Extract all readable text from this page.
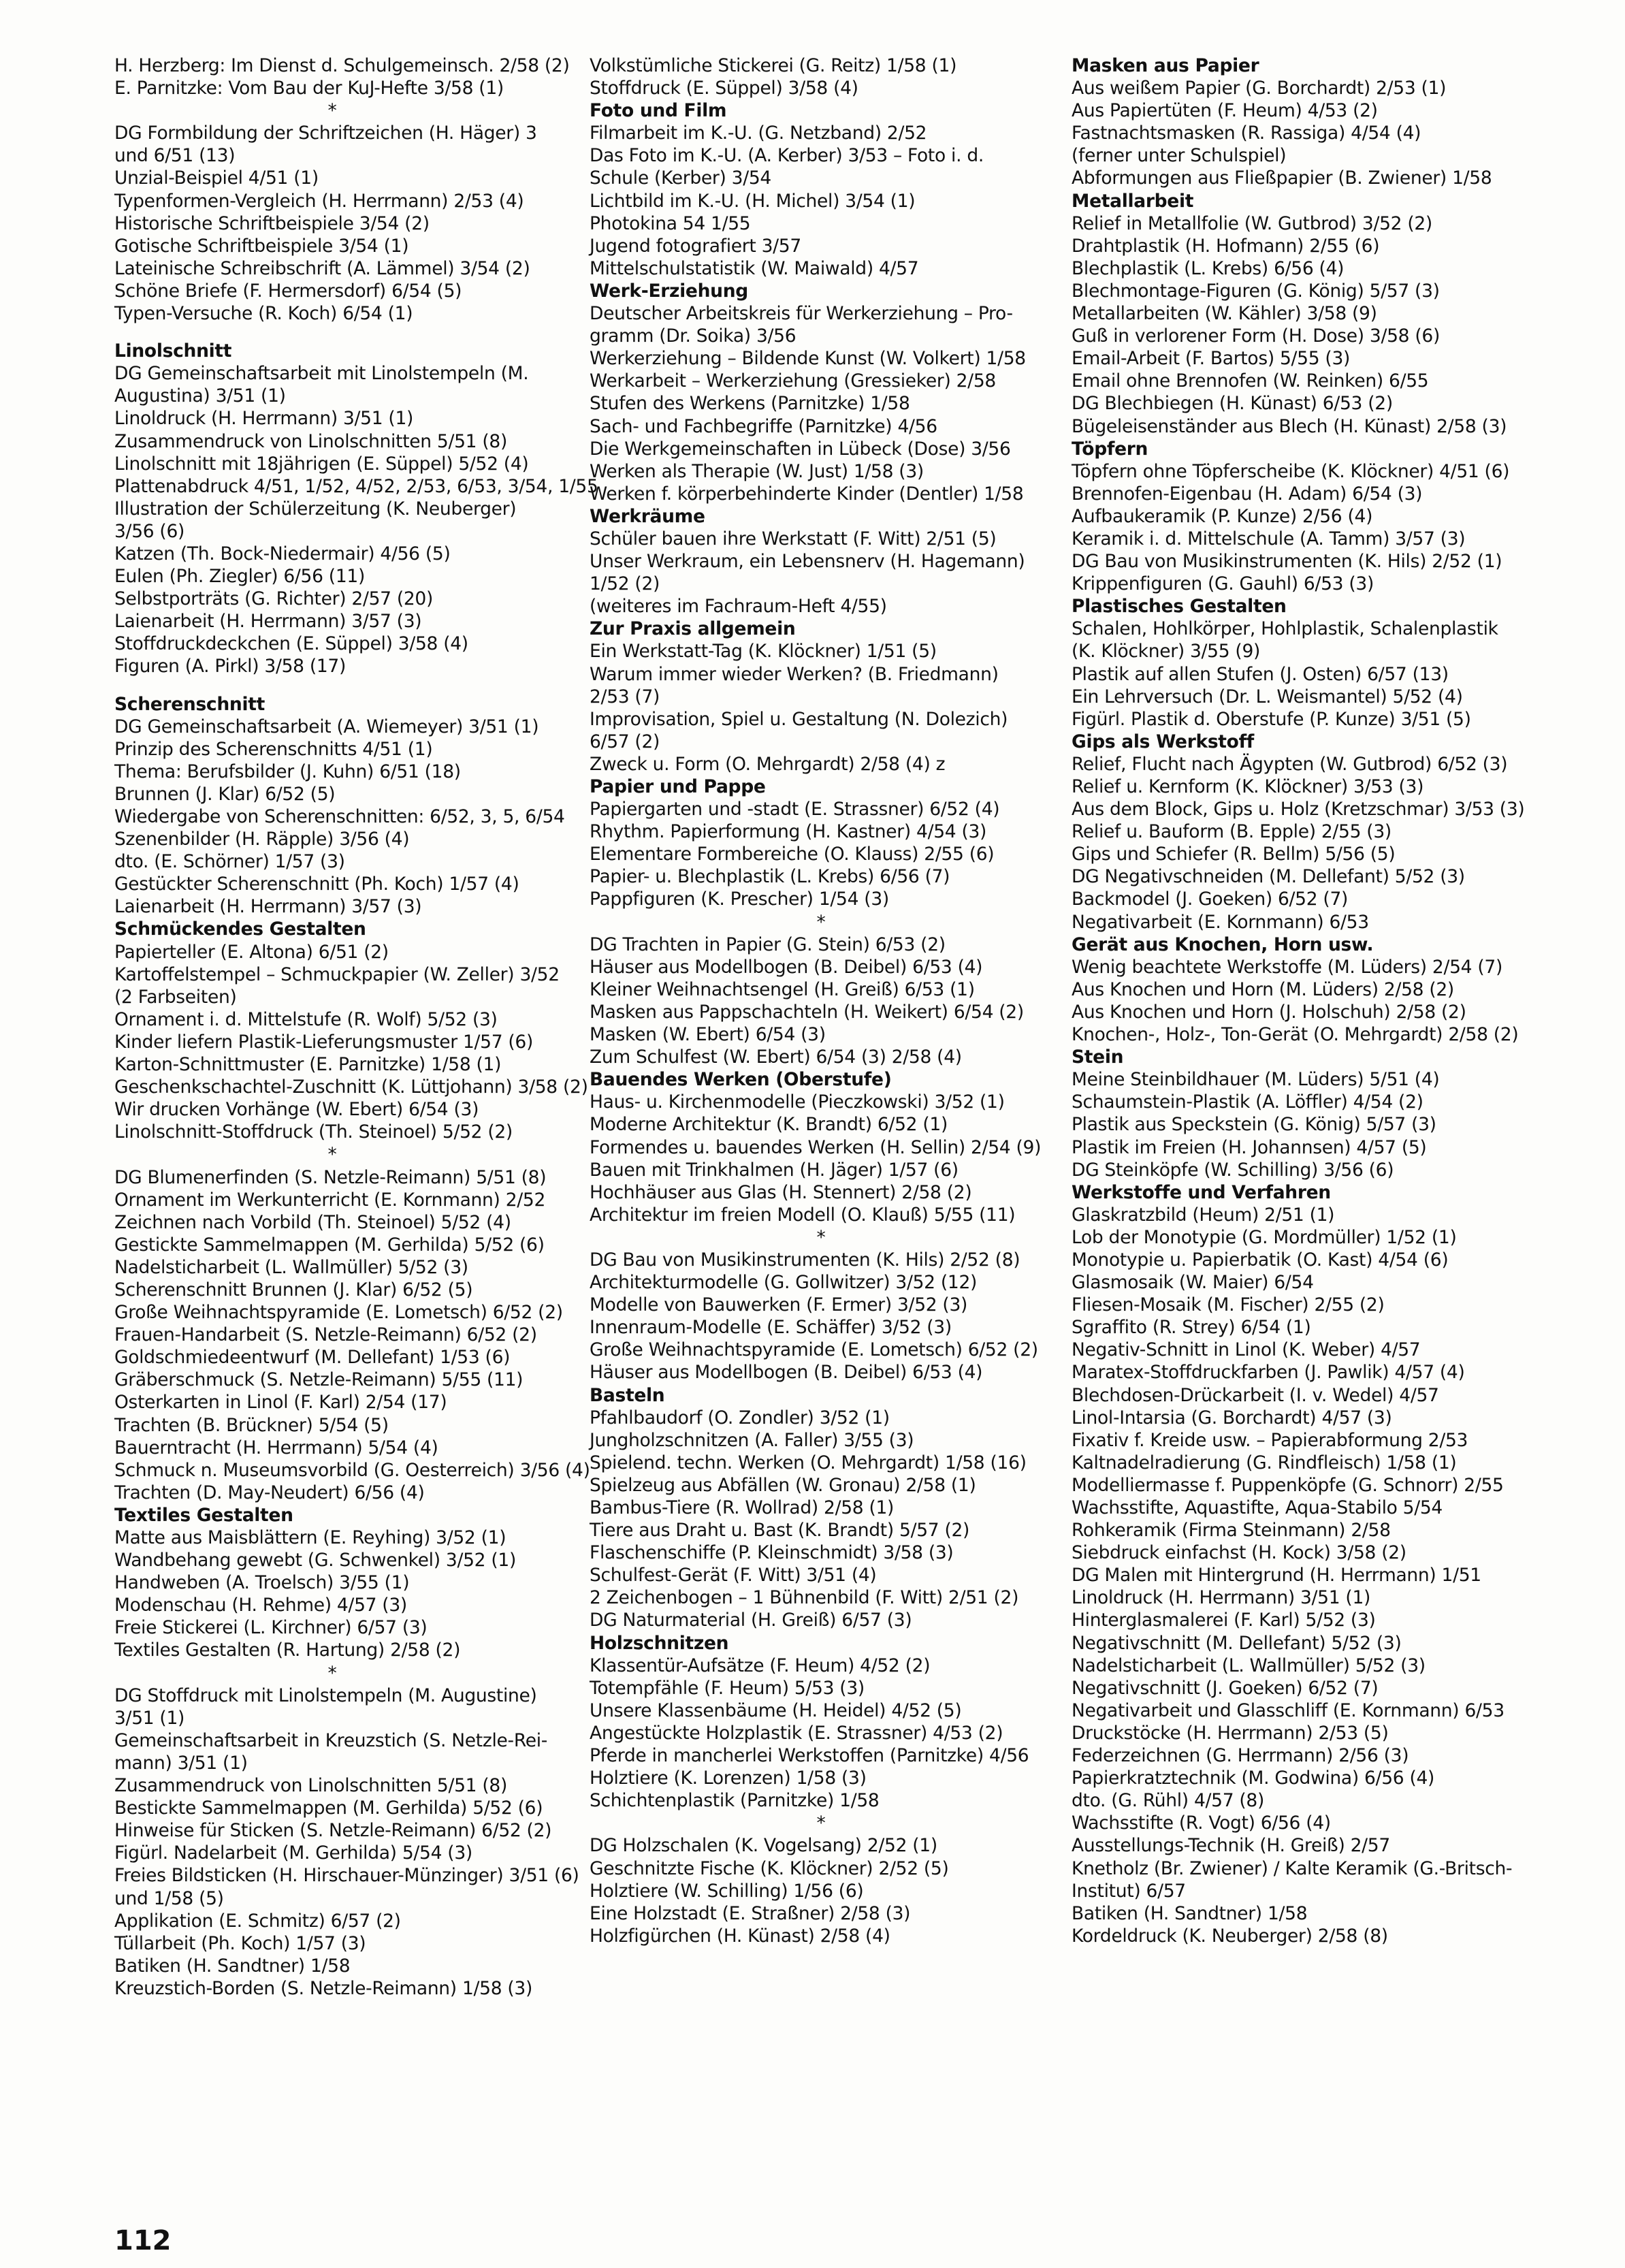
H. Herzberg: Im Dienst d. Schulgemeinsch. 2/58 (2)
E. Parnitzke: Vom Bau der KuJ-Hefte 3/58 (1)
*
DG Formbildung der Schriftzeichen (H. Häger) 3
und 6/51 (13)
Unzial-Beispiel 4/51 (1)
Typenformen-Vergleich (H. Herrmann) 2/53 (4)
Historische Schriftbeispiele 3/54 (2)
Gotische Schriftbeispiele 3/54 (1)
Lateinische Schreibschrift (A. Lämmel) 3/54 (2)
Schöne Briefe (F. Hermersdorf) 6/54 (5)
Typen-Versuche (R. Koch) 6/54 (1)
Linolschnitt
DG Gemeinschaftsarbeit mit Linolstempeln (M.
Augustina) 3/51 (1)
Linoldruck (H. Herrmann) 3/51 (1)
Zusammendruck von Linolschnitten 5/51 (8)
Linolschnitt mit 18jährigen (E. Süppel) 5/52 (4)
Plattenabdruck 4/51, 1/52, 4/52, 2/53, 6/53, 3/54, 1/55
Illustration der Schülerzeitung (K. Neuberger)
3/56 (6)
Katzen (Th. Bock-Niedermair) 4/56 (5)
Eulen (Ph. Ziegler) 6/56 (11)
Selbstporträts (G. Richter) 2/57 (20)
Laienarbeit (H. Herrmann) 3/57 (3)
Stoffdruckdeckchen (E. Süppel) 3/58 (4)
Figuren (A. Pirkl) 3/58 (17)
Scherenschnitt
DG Gemeinschaftsarbeit (A. Wiemeyer) 3/51 (1)
Prinzip des Scherenschnitts 4/51 (1)
Thema: Berufsbilder (J. Kuhn) 6/51 (18)
Brunnen (J. Klar) 6/52 (5)
Wiedergabe von Scherenschnitten: 6/52, 3, 5, 6/54
Szenenbilder (H. Räpple) 3/56 (4)
dto. (E. Schörner) 1/57 (3)
Gestückter Scherenschnitt (Ph. Koch) 1/57 (4)
Laienarbeit (H. Herrmann) 3/57 (3)
Schmückendes Gestalten
Papierteller (E. Altona) 6/51 (2)
Kartoffelstempel – Schmuckpapier (W. Zeller) 3/52
(2 Farbseiten)
Ornament i. d. Mittelstufe (R. Wolf) 5/52 (3)
Kinder liefern Plastik-Lieferungsmuster 1/57 (6)
Karton-Schnittmuster (E. Parnitzke) 1/58 (1)
Geschenkschachtel-Zuschnitt (K. Lüttjohann) 3/58 (2)
Wir drucken Vorhänge (W. Ebert) 6/54 (3)
Linolschnitt-Stoffdruck (Th. Steinoel) 5/52 (2)
*
DG Blumenerfinden (S. Netzle-Reimann) 5/51 (8)
Ornament im Werkunterricht (E. Kornmann) 2/52
Zeichnen nach Vorbild (Th. Steinoel) 5/52 (4)
Gestickte Sammelmappen (M. Gerhilda) 5/52 (6)
Nadelsticharbeit (L. Wallmüller) 5/52 (3)
Scherenschnitt Brunnen (J. Klar) 6/52 (5)
Große Weihnachtspyramide (E. Lometsch) 6/52 (2)
Frauen-Handarbeit (S. Netzle-Reimann) 6/52 (2)
Goldschmiedeentwurf (M. Dellefant) 1/53 (6)
Gräberschmuck (S. Netzle-Reimann) 5/55 (11)
Osterkarten in Linol (F. Karl) 2/54 (17)
Trachten (B. Brückner) 5/54 (5)
Bauerntracht (H. Herrmann) 5/54 (4)
Schmuck n. Museumsvorbild (G. Oesterreich) 3/56 (4)
Trachten (D. May-Neudert) 6/56 (4)
Textiles Gestalten
Matte aus Maisblättern (E. Reyhing) 3/52 (1)
Wandbehang gewebt (G. Schwenkel) 3/52 (1)
Handweben (A. Troelsch) 3/55 (1)
Modenschau (H. Rehme) 4/57 (3)
Freie Stickerei (L. Kirchner) 6/57 (3)
Textiles Gestalten (R. Hartung) 2/58 (2)
*
DG Stoffdruck mit Linolstempeln (M. Augustine)
3/51 (1)
Gemeinschaftsarbeit in Kreuzstich (S. Netzle-Rei-
mann) 3/51 (1)
Zusammendruck von Linolschnitten 5/51 (8)
Bestickte Sammelmappen (M. Gerhilda) 5/52 (6)
Hinweise für Sticken (S. Netzle-Reimann) 6/52 (2)
Figürl. Nadelarbeit (M. Gerhilda) 5/54 (3)
Freies Bildsticken (H. Hirschauer-Münzinger) 3/51 (6)
und 1/58 (5)
Applikation (E. Schmitz) 6/57 (2)
Tüllarbeit (Ph. Koch) 1/57 (3)
Batiken (H. Sandtner) 1/58
Kreuzstich-Borden (S. Netzle-Reimann) 1/58 (3)
Volkstümliche Stickerei (G. Reitz) 1/58 (1)
Stoffdruck (E. Süppel) 3/58 (4)
Foto und Film
Filmarbeit im K.-U. (G. Netzband) 2/52
Das Foto im K.-U. (A. Kerber) 3/53 – Foto i. d.
Schule (Kerber) 3/54
Lichtbild im K.-U. (H. Michel) 3/54 (1)
Photokina 54 1/55
Jugend fotografiert 3/57
Mittelschulstatistik (W. Maiwald) 4/57
Werk-Erziehung
Deutscher Arbeitskreis für Werkerziehung – Pro-
gramm (Dr. Soika) 3/56
Werkerziehung – Bildende Kunst (W. Volkert) 1/58
Werkarbeit – Werkerziehung (Gressieker) 2/58
Stufen des Werkens (Parnitzke) 1/58
Sach- und Fachbegriffe (Parnitzke) 4/56
Die Werkgemeinschaften in Lübeck (Dose) 3/56
Werken als Therapie (W. Just) 1/58 (3)
Werken f. körperbehinderte Kinder (Dentler) 1/58
Werkräume
Schüler bauen ihre Werkstatt (F. Witt) 2/51 (5)
Unser Werkraum, ein Lebensnerv (H. Hagemann)
1/52 (2)
(weiteres im Fachraum-Heft 4/55)
Zur Praxis allgemein
Ein Werkstatt-Tag (K. Klöckner) 1/51 (5)
Warum immer wieder Werken? (B. Friedmann)
2/53 (7)
Improvisation, Spiel u. Gestaltung (N. Dolezich)
6/57 (2)
Zweck u. Form (O. Mehrgardt) 2/58 (4) z
Papier und Pappe
Papiergarten und -stadt (E. Strassner) 6/52 (4)
Rhythm. Papierformung (H. Kastner) 4/54 (3)
Elementare Formbereiche (O. Klauss) 2/55 (6)
Papier- u. Blechplastik (L. Krebs) 6/56 (7)
Pappfiguren (K. Prescher) 1/54 (3)
*
DG Trachten in Papier (G. Stein) 6/53 (2)
Häuser aus Modellbogen (B. Deibel) 6/53 (4)
Kleiner Weihnachtsengel (H. Greiß) 6/53 (1)
Masken aus Pappschachteln (H. Weikert) 6/54 (2)
Masken (W. Ebert) 6/54 (3)
Zum Schulfest (W. Ebert) 6/54 (3) 2/58 (4)
Bauendes Werken (Oberstufe)
Haus- u. Kirchenmodelle (Pieczkowski) 3/52 (1)
Moderne Architektur (K. Brandt) 6/52 (1)
Formendes u. bauendes Werken (H. Sellin) 2/54 (9)
Bauen mit Trinkhalmen (H. Jäger) 1/57 (6)
Hochhäuser aus Glas (H. Stennert) 2/58 (2)
Architektur im freien Modell (O. Klauß) 5/55 (11)
*
DG Bau von Musikinstrumenten (K. Hils) 2/52 (8)
Architekturmodelle (G. Gollwitzer) 3/52 (12)
Modelle von Bauwerken (F. Ermer) 3/52 (3)
Innenraum-Modelle (E. Schäffer) 3/52 (3)
Große Weihnachtspyramide (E. Lometsch) 6/52 (2)
Häuser aus Modellbogen (B. Deibel) 6/53 (4)
Basteln
Pfahlbaudorf (O. Zondler) 3/52 (1)
Jungholzschnitzen (A. Faller) 3/55 (3)
Spielend. techn. Werken (O. Mehrgardt) 1/58 (16)
Spielzeug aus Abfällen (W. Gronau) 2/58 (1)
Bambus-Tiere (R. Wollrad) 2/58 (1)
Tiere aus Draht u. Bast (K. Brandt) 5/57 (2)
Flaschenschiffe (P. Kleinschmidt) 3/58 (3)
Schulfest-Gerät (F. Witt) 3/51 (4)
2 Zeichenbogen – 1 Bühnenbild (F. Witt) 2/51 (2)
DG Naturmaterial (H. Greiß) 6/57 (3)
Holzschnitzen
Klassentür-Aufsätze (F. Heum) 4/52 (2)
Totempfähle (F. Heum) 5/53 (3)
Unsere Klassenbäume (H. Heidel) 4/52 (5)
Angestückte Holzplastik (E. Strassner) 4/53 (2)
Pferde in mancherlei Werkstoffen (Parnitzke) 4/56
Holztiere (K. Lorenzen) 1/58 (3)
Schichtenplastik (Parnitzke) 1/58
*
DG Holzschalen (K. Vogelsang) 2/52 (1)
Geschnitzte Fische (K. Klöckner) 2/52 (5)
Holztiere (W. Schilling) 1/56 (6)
Eine Holzstadt (E. Straßner) 2/58 (3)
Holzfigürchen (H. Künast) 2/58 (4)
Masken aus Papier
Aus weißem Papier (G. Borchardt) 2/53 (1)
Aus Papiertüten (F. Heum) 4/53 (2)
Fastnachtsmasken (R. Rassiga) 4/54 (4)
(ferner unter Schulspiel)
Abformungen aus Fließpapier (B. Zwiener) 1/58
Metallarbeit
Relief in Metallfolie (W. Gutbrod) 3/52 (2)
Drahtplastik (H. Hofmann) 2/55 (6)
Blechplastik (L. Krebs) 6/56 (4)
Blechmontage-Figuren (G. König) 5/57 (3)
Metallarbeiten (W. Kähler) 3/58 (9)
Guß in verlorener Form (H. Dose) 3/58 (6)
Email-Arbeit (F. Bartos) 5/55 (3)
Email ohne Brennofen (W. Reinken) 6/55
DG Blechbiegen (H. Künast) 6/53 (2)
Bügeleisenständer aus Blech (H. Künast) 2/58 (3)
Töpfern
Töpfern ohne Töpferscheibe (K. Klöckner) 4/51 (6)
Brennofen-Eigenbau (H. Adam) 6/54 (3)
Aufbaukeramik (P. Kunze) 2/56 (4)
Keramik i. d. Mittelschule (A. Tamm) 3/57 (3)
DG Bau von Musikinstrumenten (K. Hils) 2/52 (1)
Krippenfiguren (G. Gauhl) 6/53 (3)
Plastisches Gestalten
Schalen, Hohlkörper, Hohlplastik, Schalenplastik
(K. Klöckner) 3/55 (9)
Plastik auf allen Stufen (J. Osten) 6/57 (13)
Ein Lehrversuch (Dr. L. Weismantel) 5/52 (4)
Figürl. Plastik d. Oberstufe (P. Kunze) 3/51 (5)
Gips als Werkstoff
Relief, Flucht nach Ägypten (W. Gutbrod) 6/52 (3)
Relief u. Kernform (K. Klöckner) 3/53 (3)
Aus dem Block, Gips u. Holz (Kretzschmar) 3/53 (3)
Relief u. Bauform (B. Epple) 2/55 (3)
Gips und Schiefer (R. Bellm) 5/56 (5)
DG Negativschneiden (M. Dellefant) 5/52 (3)
Backmodel (J. Goeken) 6/52 (7)
Negativarbeit (E. Kornmann) 6/53
Gerät aus Knochen, Horn usw.
Wenig beachtete Werkstoffe (M. Lüders) 2/54 (7)
Aus Knochen und Horn (M. Lüders) 2/58 (2)
Aus Knochen und Horn (J. Holschuh) 2/58 (2)
Knochen-, Holz-, Ton-Gerät (O. Mehrgardt) 2/58 (2)
Stein
Meine Steinbildhauer (M. Lüders) 5/51 (4)
Schaumstein-Plastik (A. Löffler) 4/54 (2)
Plastik aus Speckstein (G. König) 5/57 (3)
Plastik im Freien (H. Johannsen) 4/57 (5)
DG Steinköpfe (W. Schilling) 3/56 (6)
Werkstoffe und Verfahren
Glaskratzbild (Heum) 2/51 (1)
Lob der Monotypie (G. Mordmüller) 1/52 (1)
Monotypie u. Papierbatik (O. Kast) 4/54 (6)
Glasmosaik (W. Maier) 6/54
Fliesen-Mosaik (M. Fischer) 2/55 (2)
Sgraffito (R. Strey) 6/54 (1)
Negativ-Schnitt in Linol (K. Weber) 4/57
Maratex-Stoffdruckfarben (J. Pawlik) 4/57 (4)
Blechdosen-Drückarbeit (I. v. Wedel) 4/57
Linol-Intarsia (G. Borchardt) 4/57 (3)
Fixativ f. Kreide usw. – Papierabformung 2/53
Kaltnadelradierung (G. Rindfleisch) 1/58 (1)
Modelliermasse f. Puppenköpfe (G. Schnorr) 2/55
Wachsstifte, Aquastifte, Aqua-Stabilo 5/54
Rohkeramik (Firma Steinmann) 2/58
Siebdruck einfachst (H. Kock) 3/58 (2)
DG Malen mit Hintergrund (H. Herrmann) 1/51
Linoldruck (H. Herrmann) 3/51 (1)
Hinterglasmalerei (F. Karl) 5/52 (3)
Negativschnitt (M. Dellefant) 5/52 (3)
Nadelsticharbeit (L. Wallmüller) 5/52 (3)
Negativschnitt (J. Goeken) 6/52 (7)
Negativarbeit und Glasschliff (E. Kornmann) 6/53
Druckstöcke (H. Herrmann) 2/53 (5)
Federzeichnen (G. Herrmann) 2/56 (3)
Papierkratztechnik (M. Godwina) 6/56 (4)
dto. (G. Rühl) 4/57 (8)
Wachsstifte (R. Vogt) 6/56 (4)
Ausstellungs-Technik (H. Greiß) 2/57
Knetholz (Br. Zwiener) / Kalte Keramik (G.-Britsch-
Institut) 6/57
Batiken (H. Sandtner) 1/58
Kordeldruck (K. Neuberger) 2/58 (8)
112
